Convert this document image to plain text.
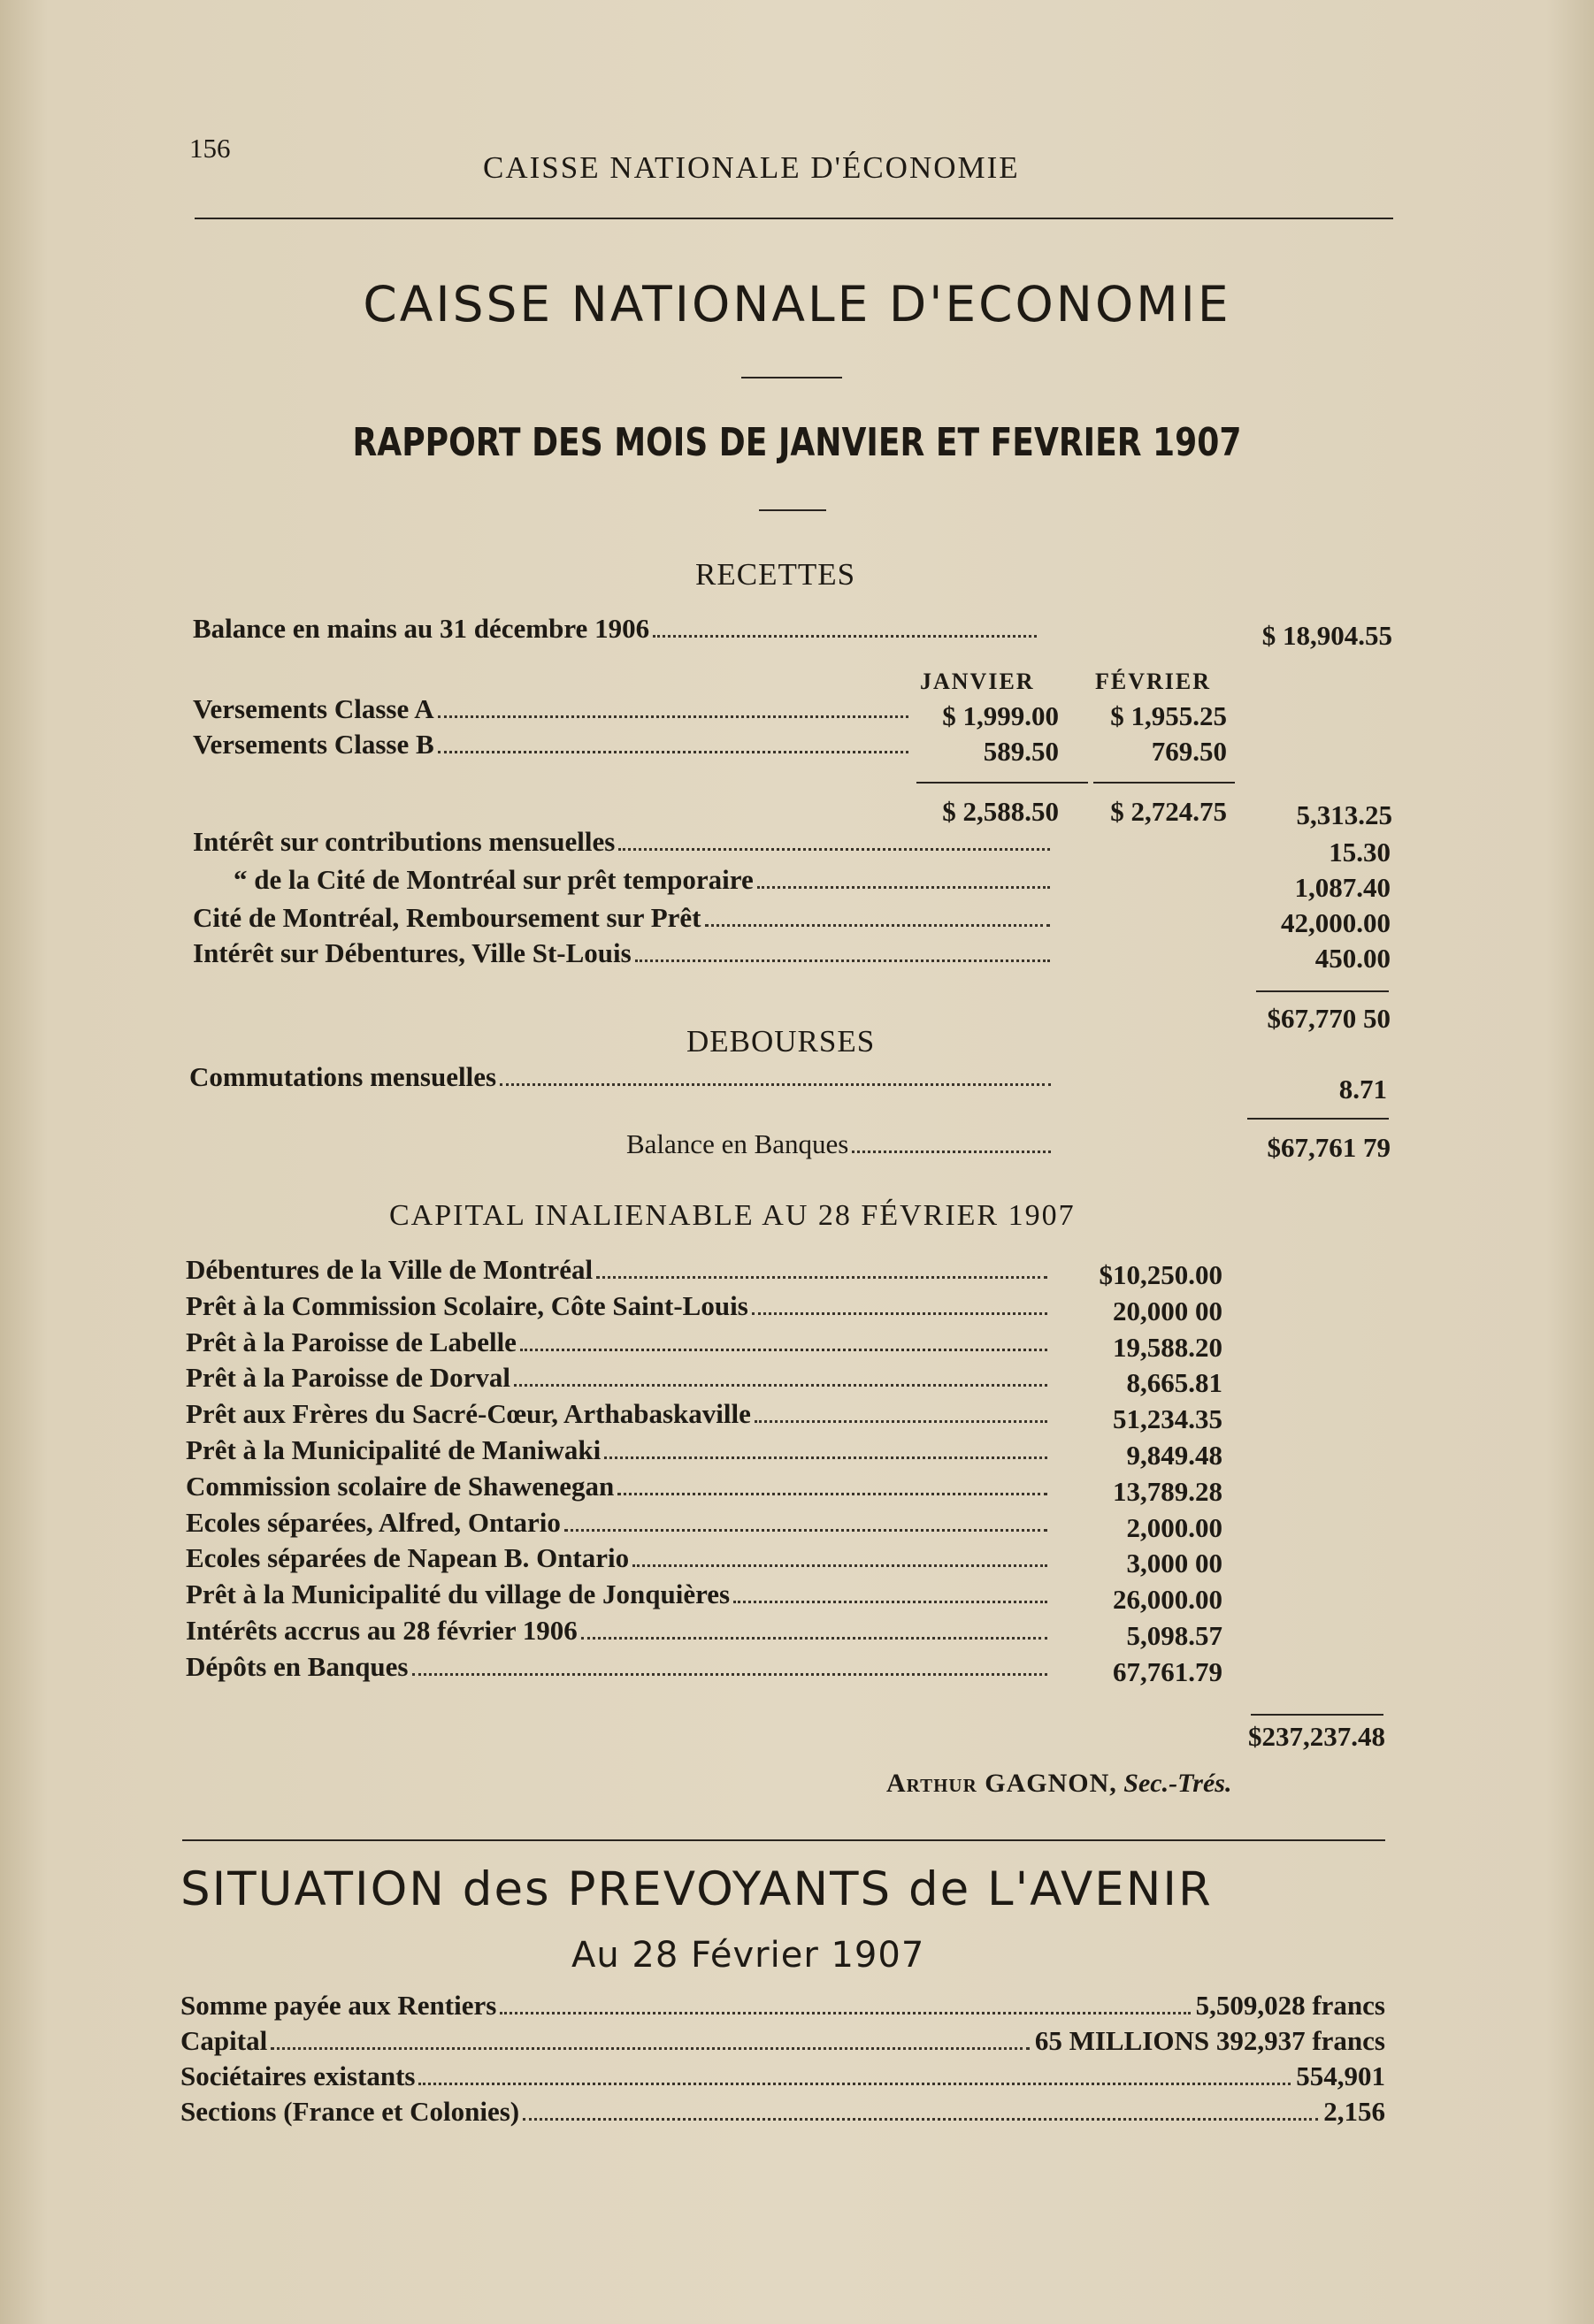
156
CAISSE NATIONALE D'ÉCONOMIE
CAISSE NATIONALE D'ECONOMIE
RAPPORT DES MOIS DE JANVIER ET FEVRIER 1907
RECETTES
Balance en mains au 31 décembre 1906	$ 18,904.55
JANVIER	FÉVRIER
Versements Classe A	$ 1,999.00 $ 1,955.25
Versements Classe B	589.50	769.50
$ 2,588.50 $ 2,724.75	5,313.25
Intérêt sur contributions mensuelles	15.30
“ de la Cité de Montréal sur prêt temporaire	1,087.40
Cité de Montréal, Remboursement sur Prêt	42,000.00
Intérêt sur Débentures, Ville St-Louis	450.00
$67,770 50
DEBOURSES
Commutations mensuelles	8.71
Balance en Banques	$67,761 79
CAPITAL INALIENABLE AU 28 FÉVRIER 1907
Débentures de la Ville de Montréal	$10,250.00
Prêt à la Commission Scolaire, Côte Saint-Louis	20,000 00
Prêt à la Paroisse de Labelle	19,588.20
Prêt à la Paroisse de Dorval	8,665.81
Prêt aux Frères du Sacré-Cœur, Arthabaskaville	51,234.35
Prêt à la Municipalité de Maniwaki	9,849.48
Commission scolaire de Shawenegan	13,789.28
Ecoles séparées, Alfred, Ontario	2,000.00
Ecoles séparées de Napean B. Ontario	3,000 00
Prêt à la Municipalité du village de Jonquières	26,000.00
Intérêts accrus au 28 février 1906	5,098.57
Dépôts en Banques	67,761.79
$237,237.48
Arthur GAGNON, Sec.-Trés.
SITUATION des PREVOYANTS de L'AVENIR
Au 28 Février 1907
Somme payée aux Rentiers	5,509,028 francs
Capital	65 MILLIONS 392,937 francs
Sociétaires existants	554,901
Sections (France et Colonies)	2,156
